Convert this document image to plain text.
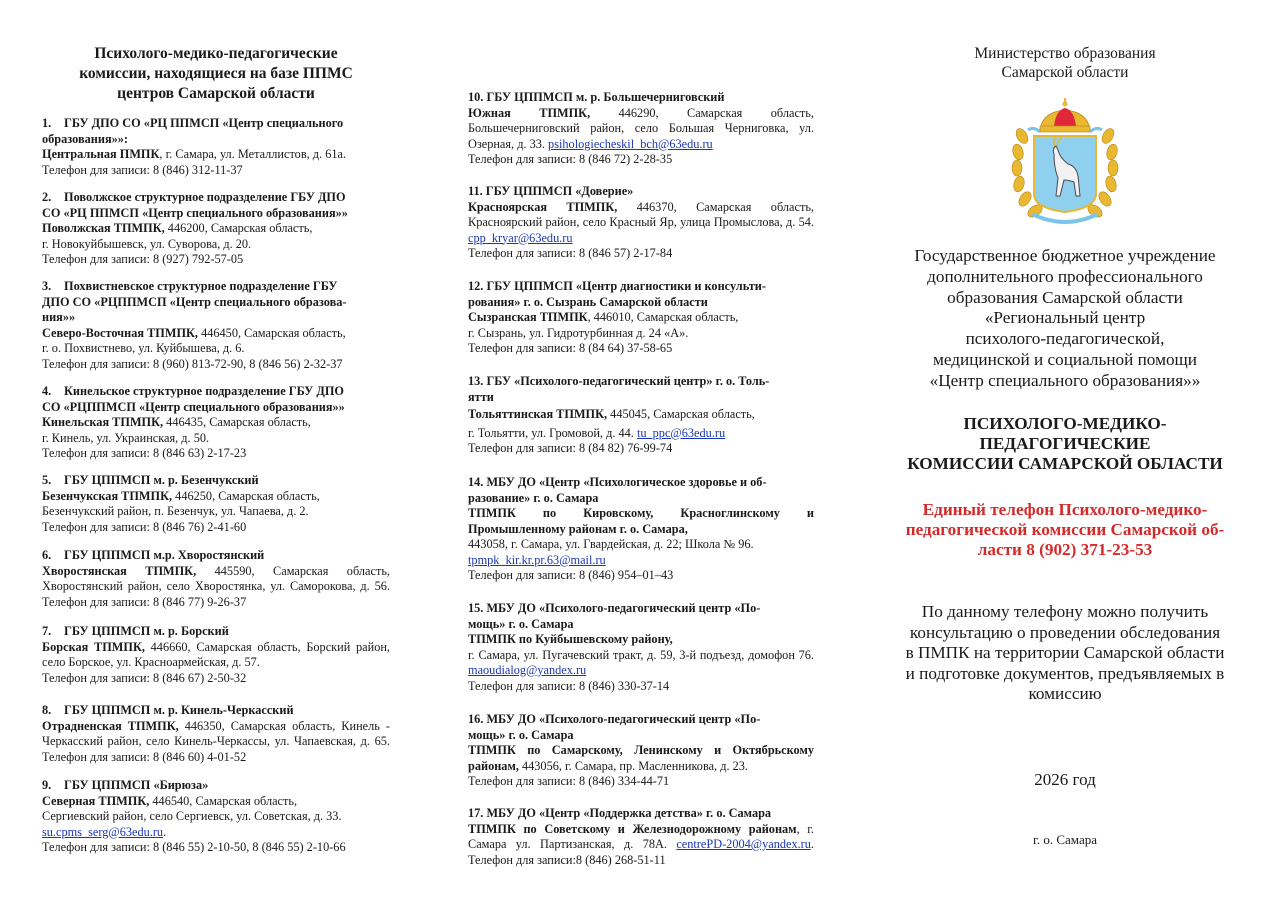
Психолого-медико-педагогические
комиссии, находящиеся на базе ППМС
центров Самарской области
1. ГБУ ДПО СО «РЦ ППМСП «Центр специального
образования»»:
Центральная ПМПК, г. Самара, ул. Металлистов, д. 61а.
Телефон для записи: 8 (846) 312-11-37
2. Поволжское структурное подразделение ГБУ ДПО
СО «РЦ ППМСП «Центр специального образования»»
Поволжская ТПМПК, 446200, Самарская область,
г. Новокуйбышевск, ул. Суворова, д. 20.
Телефон для записи: 8 (927) 792-57-05
3. Похвистневское структурное подразделение ГБУ
ДПО СО «РЦППМСП «Центр специального образова-
ния»»
Северо-Восточная ТПМПК, 446450, Самарская область,
г. о. Похвистнево, ул. Куйбышева, д. 6.
Телефон для записи: 8 (960) 813-72-90, 8 (846 56) 2-32-37
4. Кинельское структурное подразделение ГБУ ДПО
СО «РЦППМСП «Центр специального образования»»
Кинельская ТПМПК, 446435, Самарская область,
г. Кинель, ул. Украинская, д. 50.
Телефон для записи: 8 (846 63) 2-17-23
5. ГБУ ЦППМСП м. р. Безенчукский
Безенчукская ТПМПК, 446250, Самарская область,
Безенчукский район, п. Безенчук, ул. Чапаева, д. 2.
Телефон для записи: 8 (846 76) 2-41-60
6. ГБУ ЦППМСП м.р. Хворостянский
Хворостянская ТПМПК, 445590, Самарская область, Хворостянский район, село Хворостянка, ул. Саморокова, д. 56. Телефон для записи: 8 (846 77) 9-26-37
7. ГБУ ЦППМСП м. р. Борский
Борская ТПМПК, 446660, Самарская область, Борский район, село Борское, ул. Красноармейская, д. 57.
Телефон для записи: 8 (846 67) 2-50-32
8. ГБУ ЦППМСП м. р. Кинель-Черкасский
Отрадненская ТПМПК, 446350, Самарская область, Кинель - Черкасский район, село Кинель-Черкассы, ул. Чапаевская, д. 65. Телефон для записи: 8 (846 60) 4-01-52
9. ГБУ ЦППМСП «Бирюза»
Северная ТПМПК, 446540, Самарская область,
Сергиевский район, село Сергиевск, ул. Советская, д. 33.
su.cpms_serg@63edu.ru.
Телефон для записи: 8 (846 55) 2-10-50, 8 (846 55) 2-10-66
10. ГБУ ЦППМСП м. р. Большечерниговский
Южная ТПМПК, 446290, Самарская область, Большечерниговский район, село Большая Черниговка, ул. Озерная, д. 33. psihologiecheskil_bch@63edu.ru
Телефон для записи: 8 (846 72) 2-28-35
11. ГБУ ЦППМСП «Доверие»
Красноярская ТПМПК, 446370, Самарская область, Красноярский район, село Красный Яр, улица Промыслова, д. 54. cpp_kryar@63edu.ru
Телефон для записи: 8 (846 57) 2-17-84
12. ГБУ ЦППМСП «Центр диагностики и консульти-
рования» г. о. Сызрань Самарской области
Сызранская ТПМПК, 446010, Самарская область,
г. Сызрань, ул. Гидротурбинная д. 24 «А».
Телефон для записи: 8 (84 64) 37-58-65
13. ГБУ «Психолого-педагогический центр» г. о. Толь-
ятти
Тольяттинская ТПМПК, 445045, Самарская область,
г. Тольятти, ул. Громовой, д. 44. tu_ppc@63edu.ru
Телефон для записи: 8 (84 82) 76-99-74
14. МБУ ДО «Центр «Психологическое здоровье и об-
разование» г. о. Самара
ТПМПК по Кировскому, Красноглинскому и Промышленному районам г. о. Самара,
443058, г. Самара, ул. Гвардейская, д. 22; Школа № 96.
tpmpk_kir.kr.pr.63@mail.ru
Телефон для записи: 8 (846) 954–01–43
15. МБУ ДО «Психолого-педагогический центр «По-
мощь» г. о. Самара
ТПМПК по Куйбышевскому району,
г. Самара, ул. Пугачевский тракт, д. 59, 3-й подъезд, домофон 76. maoudialog@yandex.ru
Телефон для записи: 8 (846) 330-37-14
16. МБУ ДО «Психолого-педагогический центр «По-
мощь» г. о. Самара
ТПМПК по Самарскому, Ленинскому и Октябрьскому районам, 443056, г. Самара, пр. Масленникова, д. 23.
Телефон для записи: 8 (846) 334-44-71
17. МБУ ДО «Центр «Поддержка детства» г. о. Самара
ТПМПК по Советскому и Железнодорожному районам, г. Самара ул. Партизанская, д. 78А. centrePD-2004@yandex.ru. Телефон для записи:8 (846) 268-51-11
Министерство образования
Самарской области
Государственное бюджетное учреждение
дополнительного профессионального
образования Самарской области
«Региональный центр
психолого-педагогической,
медицинской и социальной помощи
«Центр специального образования»»
ПСИХОЛОГО-МЕДИКО-
ПЕДАГОГИЧЕСКИЕ
КОМИССИИ САМАРСКОЙ ОБЛАСТИ
Единый телефон Психолого-медико-
педагогической комиссии Самарской об-
ласти 8 (902) 371-23-53
По данному телефону можно получить
консультацию о проведении обследования
в ПМПК на территории Самарской области
и подготовке документов, предъявляемых в
комиссию
2026 год
г. о. Самара
